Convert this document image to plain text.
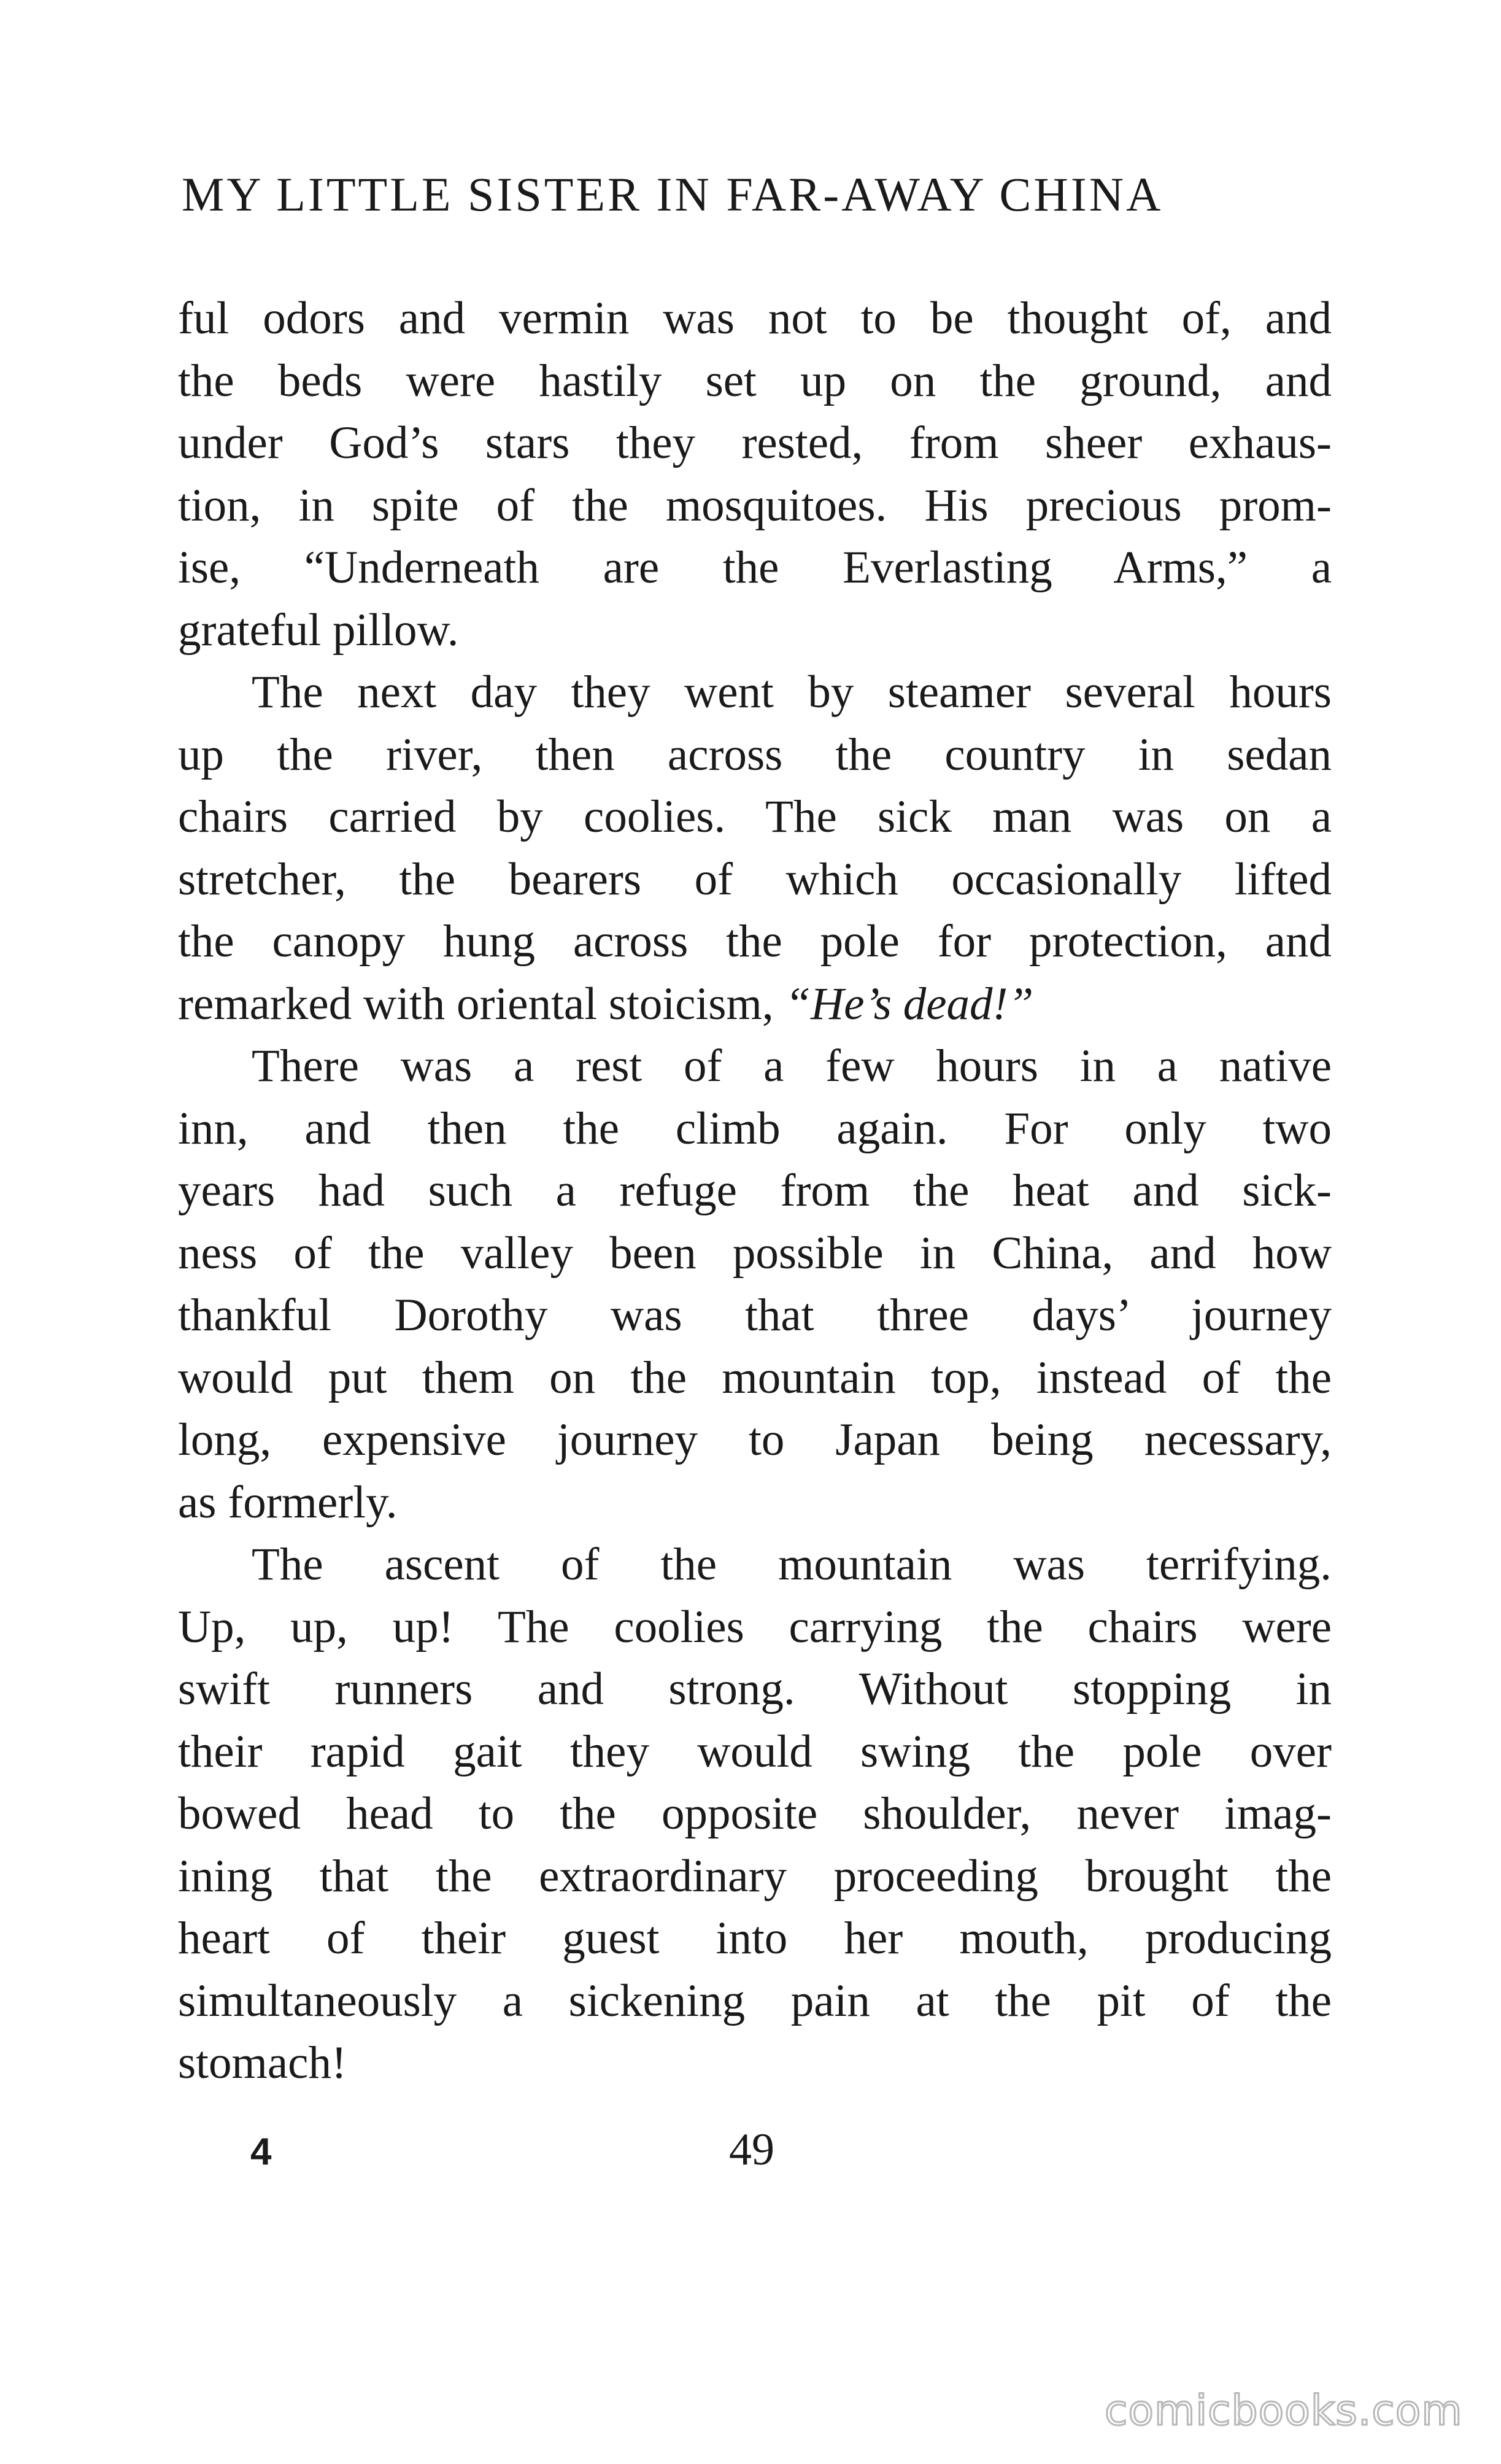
MY LITTLE SISTER IN FAR-AWAY CHINA
ful odors and vermin was not to be thought of, and
the beds were hastily set up on the ground, and
under God’s stars they rested, from sheer exhaus-
tion, in spite of the mosquitoes. His precious prom-
ise, “Underneath are the Everlasting Arms,” a
grateful pillow.
The next day they went by steamer several hours
up the river, then across the country in sedan
chairs carried by coolies. The sick man was on a
stretcher, the bearers of which occasionally lifted
the canopy hung across the pole for protection, and
remarked with oriental stoicism, “He’s dead!”
There was a rest of a few hours in a native
inn, and then the climb again. For only two
years had such a refuge from the heat and sick-
ness of the valley been possible in China, and how
thankful Dorothy was that three days’ journey
would put them on the mountain top, instead of the
long, expensive journey to Japan being necessary,
as formerly.
The ascent of the mountain was terrifying.
Up, up, up! The coolies carrying the chairs were
swift runners and strong. Without stopping in
their rapid gait they would swing the pole over
bowed head to the opposite shoulder, never imag-
ining that the extraordinary proceeding brought the
heart of their guest into her mouth, producing
simultaneously a sickening pain at the pit of the
stomach!
4	49
comicbooks.com
